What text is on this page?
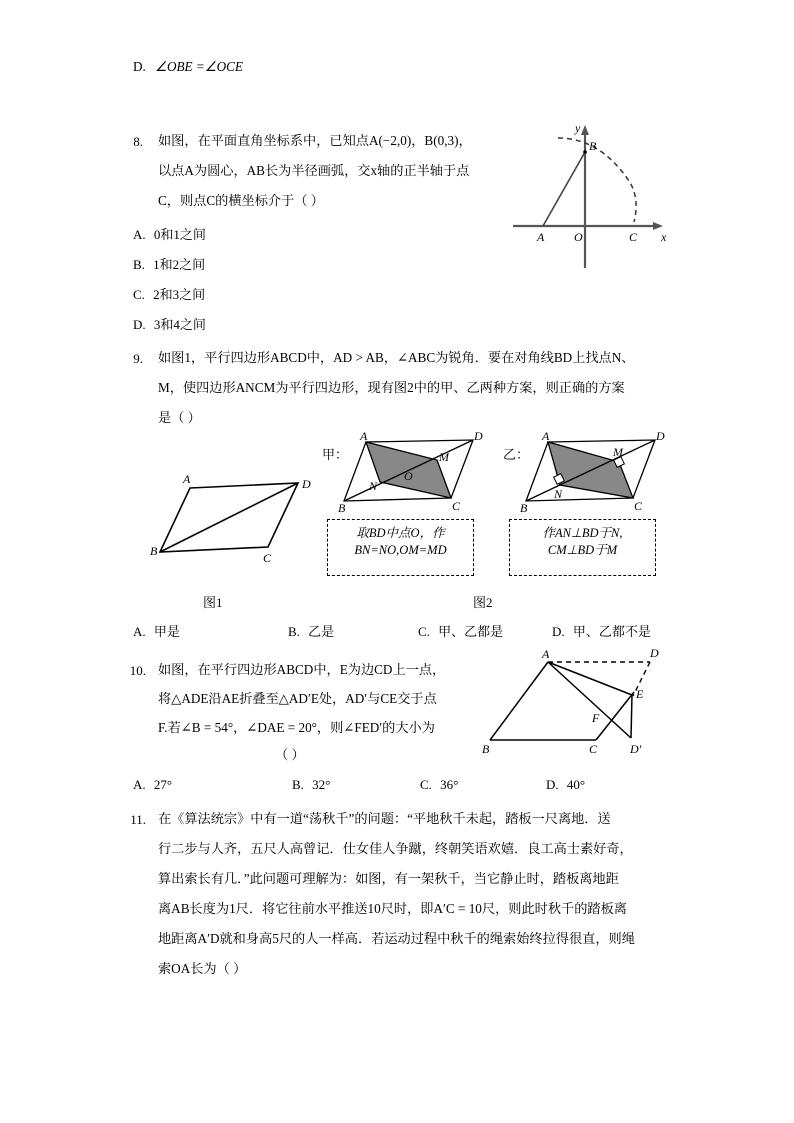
D. ∠OBE =∠OCE
8. 如图，在平面直角坐标系中，已知点A(−2,0)，B(0,3)，
以点A为圆心，AB长为半径画弧，交x轴的正半轴于点
C，则点C的横坐标介于（ ）
A. 0和1之间
B. 1和2之间
C. 2和3之间
D. 3和4之间
B
A O	C x
y
9. 如图1，平行四边形ABCD中，AD > AB，∠ABC为锐角．要在对角线BD上找点N、
M，使四边形ANCM为平行四边形，现有图2中的甲、乙两种方案，则正确的方案
是（ ）
A	D
B	C
图1
甲：
A	D
B	C
N
O
M
取BD中点O，作
BN=NO,OM=MD
乙：
A	D
B	C
N
M
作AN⊥BD于N,
CM⊥BD于M
图2
A. 甲是	B. 乙是	C. 甲、乙都是	D. 甲、乙都不是
10. 如图，在平行四边形ABCD中，E为边CD上一点，
将△ADE沿AE折叠至△AD′E处，AD′与CE交于点
F.若∠B = 54°，∠DAE = 20°，则∠FED′的大小为
（ ）
A	D
B	C
E
F
D′
A. 27°	B. 32°	C. 36°	D. 40°
11. 在《算法统宗》中有一道“荡秋千”的问题：“平地秋千未起，踏板一尺离地．送
行二步与人齐，五尺人高曾记．仕女佳人争蹴，终朝笑语欢嬉．良工高士素好奇，
算出索长有几．”此问题可理解为：如图，有一架秋千，当它静止时，踏板离地距
离AB长度为1尺．将它往前水平推送10尺时，即A′C = 10尺，则此时秋千的踏板离
地距离A′D就和身高5尺的人一样高．若运动过程中秋千的绳索始终拉得很直，则绳
索OA长为（ ）
